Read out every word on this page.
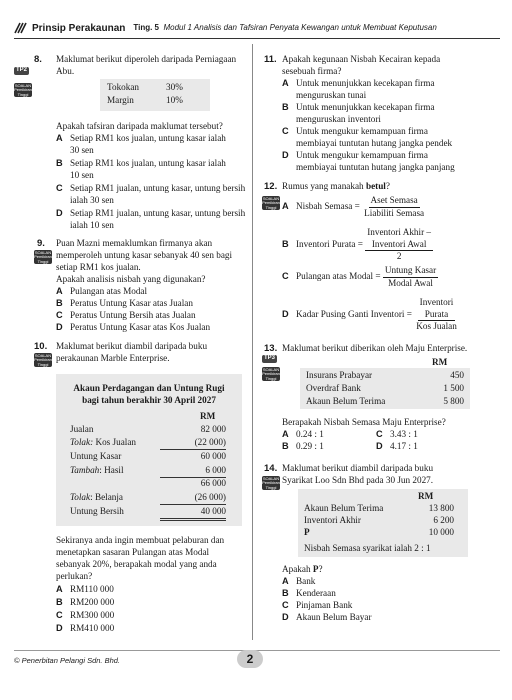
Prinsip Perakaunan Ting. 5 Modul 1 Analisis dan Tafsiran Penyata Kewangan untuk Membuat Keputusan
8.
TP2
SOALAN
Pemikiran
Tinggi
Maklumat berikut diperoleh daripada Perniagaan
Abu.
Tokokan	30%
Margin	10%
Apakah tafsiran daripada maklumat tersebut?
A Setiap RM1 kos jualan, untung kasar ialah
30 sen
B Setiap RM1 kos jualan, untung kasar ialah
10 sen
C Setiap RM1 jualan, untung kasar, untung bersih
ialah 30 sen
D Setiap RM1 jualan, untung kasar, untung bersih
ialah 10 sen
9.
SOALAN
Pemikiran
Tinggi
Puan Mazni memaklumkan firmanya akan
memperoleh untung kasar sebanyak 40 sen bagi
setiap RM1 kos jualan.
Apakah analisis nisbah yang digunakan?
A Pulangan atas Modal
B Peratus Untung Kasar atas Jualan
C Peratus Untung Bersih atas Jualan
D Peratus Untung Kasar atas Kos Jualan
10.
SOALAN
Pemikiran
Tinggi
Maklumat berikut diambil daripada buku
perakaunan Marble Enterprise.
Akaun Perdagangan dan Untung Rugi
bagi tahun berakhir 30 April 2027
RM
Jualan	82 000
Tolak: Kos Jualan	(22 000)
Untung Kasar	60 000
Tambah: Hasil	6 000
66 000
Tolak: Belanja	(26 000)
Untung Bersih	40 000
Sekiranya anda ingin membuat pelaburan dan
menetapkan sasaran Pulangan atas Modal
sebanyak 20%, berapakah modal yang anda
perlukan?
A RM110 000
B RM200 000
C RM300 000
D RM410 000
11. Apakah kegunaan Nisbah Kecairan kepada
sesebuah firma?
A Untuk menunjukkan kecekapan firma
menguruskan tunai
B Untuk menunjukkan kecekapan firma
menguruskan inventori
C Untuk mengukur kemampuan firma
membiayai tuntutan hutang jangka pendek
D Untuk mengukur kemampuan firma
membiayai tuntutan hutang jangka panjang
12. Rumus yang manakah betul?
SOALAN
Pemikiran
Tinggi A Nisbah Semasa =
$\frac{\text{Aset Semasa}}{\text{Liabiliti Semasa}}$
B Inventori Purata =

Inventori Akhir –
Inventori Awal
2
C Pulangan atas Modal =
$\frac{\text{Untung Kasar}}{\text{Modal Awal}}$
D Kadar Pusing Ganti Inventori =

Inventori
Purata
Kos Jualan
13.
TP3
SOALAN
Pemikiran
Tinggi
Maklumat berikut diberikan oleh Maju Enterprise.
RM
Insurans Prabayar	450
Overdraf Bank	1 500
Akaun Belum Terima	5 800
Berapakah Nisbah Semasa Maju Enterprise?
A 0.24 : 1	C 3.43 : 1
B 0.29 : 1	D 4.17 : 1
14.
SOALAN
Pemikiran
Tinggi
Maklumat berikut diambil daripada buku
Syarikat Loo Sdn Bhd pada 30 Jun 2027.
RM
Akaun Belum Terima	13 800
Inventori Akhir	6 200
P	10 000
Nisbah Semasa syarikat ialah 2 : 1
Apakah P?
A Bank
B Kenderaan
C Pinjaman Bank
D Akaun Belum Bayar
© Penerbitan Pelangi Sdn. Bhd.	2
